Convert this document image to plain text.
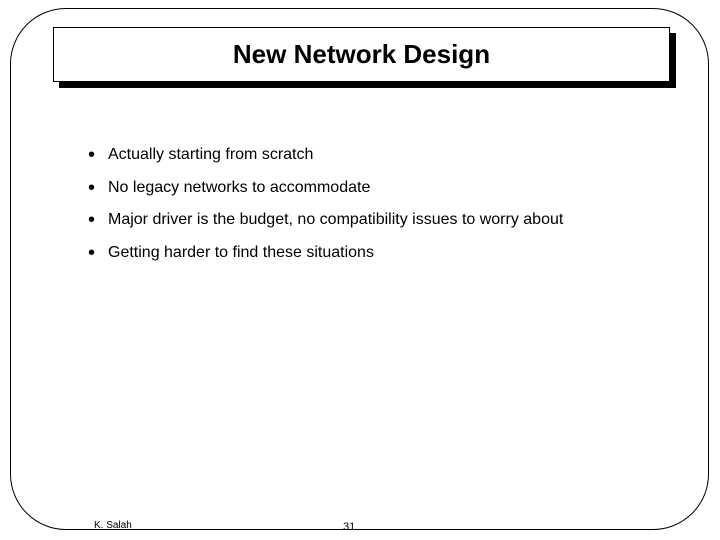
New Network Design
• Actually starting from scratch
• No legacy networks to accommodate
• Major driver is the budget, no compatibility issues to worry about
• Getting harder to find these situations
K. Salah	31
